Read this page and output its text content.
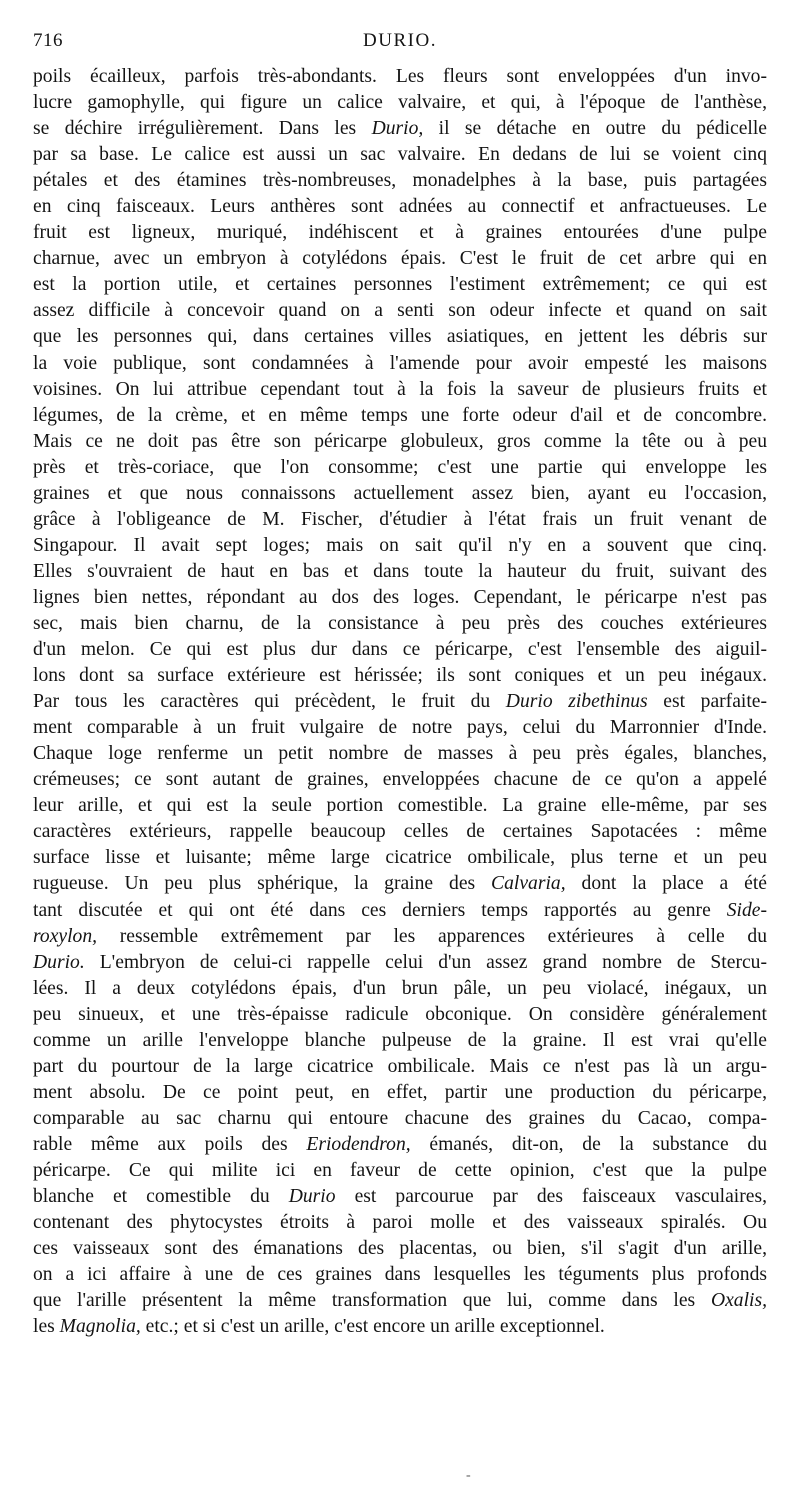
716	DURIO.
poils écailleux, parfois très-abondants. Les fleurs sont enveloppées d'un invo-
lucre gamophylle, qui figure un calice valvaire, et qui, à l'époque de l'anthèse,
se déchire irrégulièrement. Dans les Durio, il se détache en outre du pédicelle
par sa base. Le calice est aussi un sac valvaire. En dedans de lui se voient cinq
pétales et des étamines très-nombreuses, monadelphes à la base, puis partagées
en cinq faisceaux. Leurs anthères sont adnées au connectif et anfractueuses. Le
fruit est ligneux, muriqué, indéhiscent et à graines entourées d'une pulpe
charnue, avec un embryon à cotylédons épais. C'est le fruit de cet arbre qui en
est la portion utile, et certaines personnes l'estiment extrêmement; ce qui est
assez difficile à concevoir quand on a senti son odeur infecte et quand on sait
que les personnes qui, dans certaines villes asiatiques, en jettent les débris sur
la voie publique, sont condamnées à l'amende pour avoir empesté les maisons
voisines. On lui attribue cependant tout à la fois la saveur de plusieurs fruits et
légumes, de la crème, et en même temps une forte odeur d'ail et de concombre.
Mais ce ne doit pas être son péricarpe globuleux, gros comme la tête ou à peu
près et très-coriace, que l'on consomme; c'est une partie qui enveloppe les
graines et que nous connaissons actuellement assez bien, ayant eu l'occasion,
grâce à l'obligeance de M. Fischer, d'étudier à l'état frais un fruit venant de
Singapour. Il avait sept loges; mais on sait qu'il n'y en a souvent que cinq.
Elles s'ouvraient de haut en bas et dans toute la hauteur du fruit, suivant des
lignes bien nettes, répondant au dos des loges. Cependant, le péricarpe n'est pas
sec, mais bien charnu, de la consistance à peu près des couches extérieures
d'un melon. Ce qui est plus dur dans ce péricarpe, c'est l'ensemble des aiguil-
lons dont sa surface extérieure est hérissée; ils sont coniques et un peu inégaux.
Par tous les caractères qui précèdent, le fruit du Durio zibethinus est parfaite-
ment comparable à un fruit vulgaire de notre pays, celui du Marronnier d'Inde.
Chaque loge renferme un petit nombre de masses à peu près égales, blanches,
crémeuses; ce sont autant de graines, enveloppées chacune de ce qu'on a appelé
leur arille, et qui est la seule portion comestible. La graine elle-même, par ses
caractères extérieurs, rappelle beaucoup celles de certaines Sapotacées : même
surface lisse et luisante; même large cicatrice ombilicale, plus terne et un peu
rugueuse. Un peu plus sphérique, la graine des Calvaria, dont la place a été
tant discutée et qui ont été dans ces derniers temps rapportés au genre Side-
roxylon, ressemble extrêmement par les apparences extérieures à celle du
Durio. L'embryon de celui-ci rappelle celui d'un assez grand nombre de Stercu-
lées. Il a deux cotylédons épais, d'un brun pâle, un peu violacé, inégaux, un
peu sinueux, et une très-épaisse radicule obconique. On considère généralement
comme un arille l'enveloppe blanche pulpeuse de la graine. Il est vrai qu'elle
part du pourtour de la large cicatrice ombilicale. Mais ce n'est pas là un argu-
ment absolu. De ce point peut, en effet, partir une production du péricarpe,
comparable au sac charnu qui entoure chacune des graines du Cacao, compa-
rable même aux poils des Eriodendron, émanés, dit-on, de la substance du
péricarpe. Ce qui milite ici en faveur de cette opinion, c'est que la pulpe
blanche et comestible du Durio est parcourue par des faisceaux vasculaires,
contenant des phytocystes étroits à paroi molle et des vaisseaux spiralés. Ou
ces vaisseaux sont des émanations des placentas, ou bien, s'il s'agit d'un arille,
on a ici affaire à une de ces graines dans lesquelles les téguments plus profonds
que l'arille présentent la même transformation que lui, comme dans les Oxalis,
les Magnolia, etc.; et si c'est un arille, c'est encore un arille exceptionnel.
-
